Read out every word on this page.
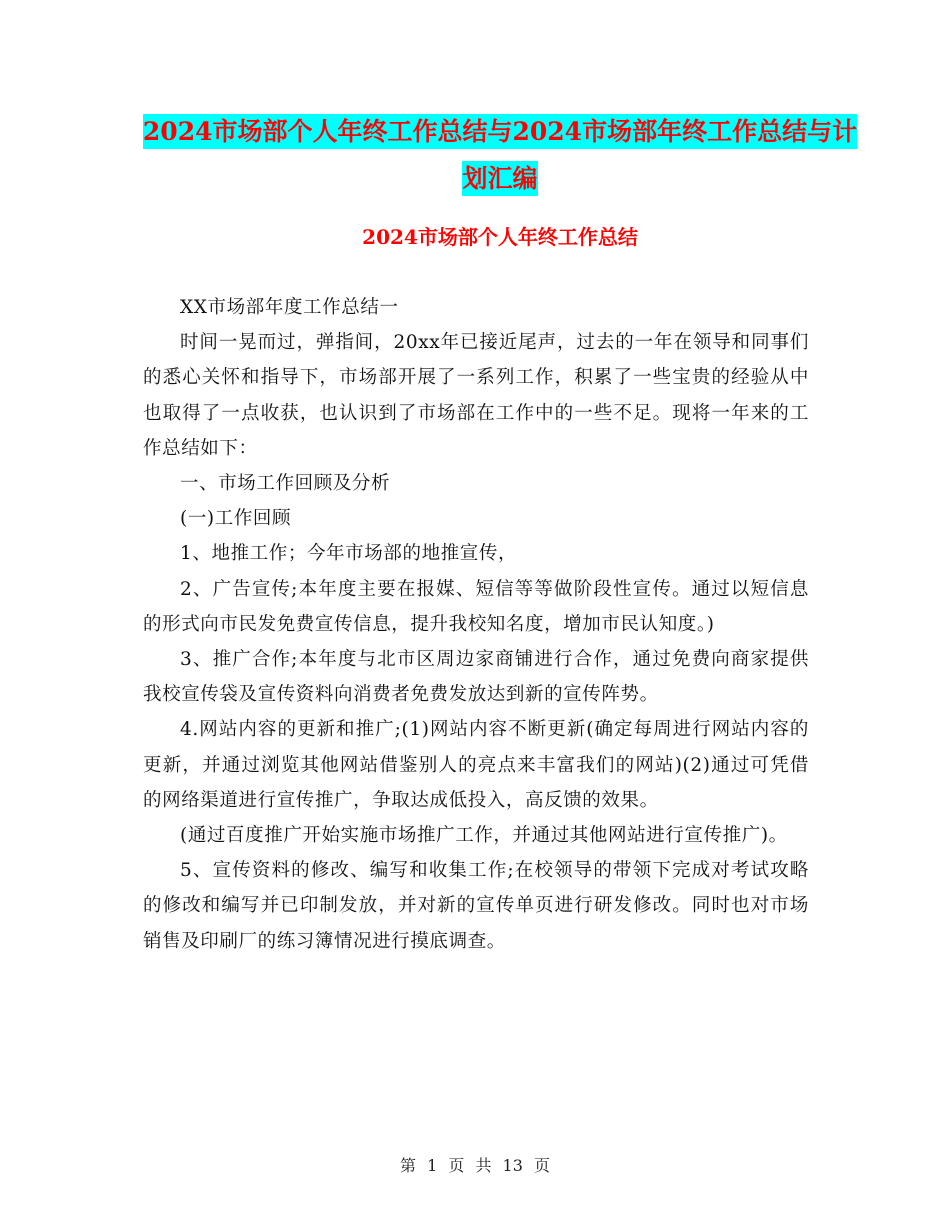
2024市场部个人年终工作总结与2024市场部年终工作总结与计划汇编
2024市场部个人年终工作总结

XX市场部年度工作总结一

时间一晃而过，弹指间，20xx年已接近尾声，过去的一年在领导和同事们的悉心关怀和指导下，市场部开展了一系列工作，积累了一些宝贵的经验从中也取得了一点收获，也认识到了市场部在工作中的一些不足。现将一年来的工作总结如下：

一、市场工作回顾及分析

(一)工作回顾

1、地推工作；今年市场部的地推宣传，

2、广告宣传;本年度主要在报媒、短信等等做阶段性宣传。通过以短信息的形式向市民发免费宣传信息，提升我校知名度，增加市民认知度。)

3、推广合作;本年度与北市区周边家商铺进行合作，通过免费向商家提供我校宣传袋及宣传资料向消费者免费发放达到新的宣传阵势。

4.网站内容的更新和推广;(1)网站内容不断更新(确定每周进行网站内容的更新，并通过浏览其他网站借鉴别人的亮点来丰富我们的网站)(2)通过可凭借的网络渠道进行宣传推广，争取达成低投入，高反馈的效果。

(通过百度推广开始实施市场推广工作，并通过其他网站进行宣传推广)。

5、宣传资料的修改、编写和收集工作;在校领导的带领下完成对考试攻略的修改和编写并已印制发放，并对新的宣传单页进行研发修改。同时也对市场销售及印刷厂的练习簿情况进行摸底调查。

第 1 页 共 13 页
